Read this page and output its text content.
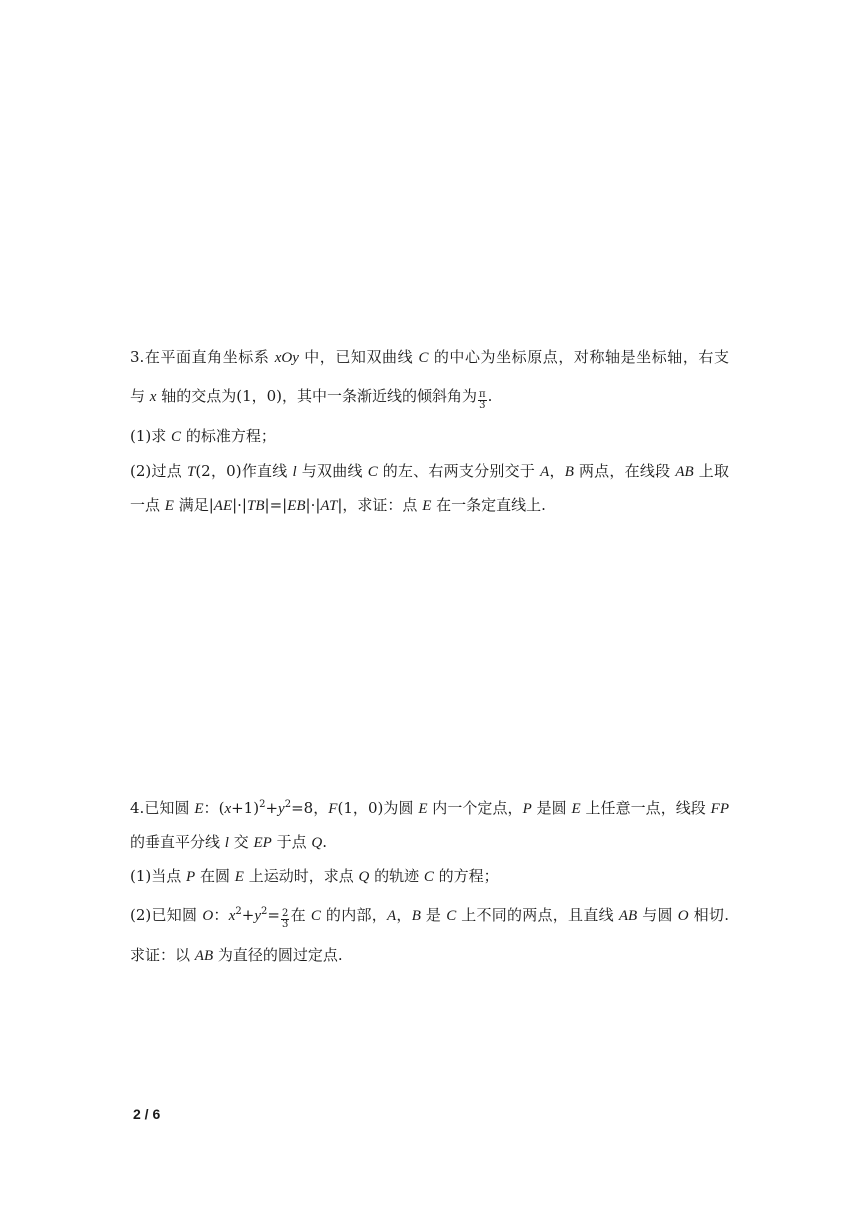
3.在平面直角坐标系 xOy 中，已知双曲线 C 的中心为坐标原点，对称轴是坐标轴，右支
与 x 轴的交点为(1，0)，其中一条渐近线的倾斜角为 $\frac{\pi}{3}$ .
(1)求 C 的标准方程；
(2)过点 T(2，0)作直线 l 与双曲线 C 的左、右两支分别交于 A，B 两点，在线段 AB 上取
一点 E 满足|AE|·|TB|=|EB|·|AT|，求证：点 E 在一条定直线上.
4.已知圆 E：$(x+1)^2+y^2=8$，F(1，0)为圆 E 内一个定点，P 是圆 E 上任意一点，线段 FP
的垂直平分线 l 交 EP 于点 Q.
(1)当点 P 在圆 E 上运动时，求点 Q 的轨迹 C 的方程；
(2)已知圆 O：$x^2+y^2= \frac{2}{3}$ 在 C 的内部，A，B 是 C 上不同的两点，且直线 AB 与圆 O 相切.
求证：以 AB 为直径的圆过定点.
2 / 6
